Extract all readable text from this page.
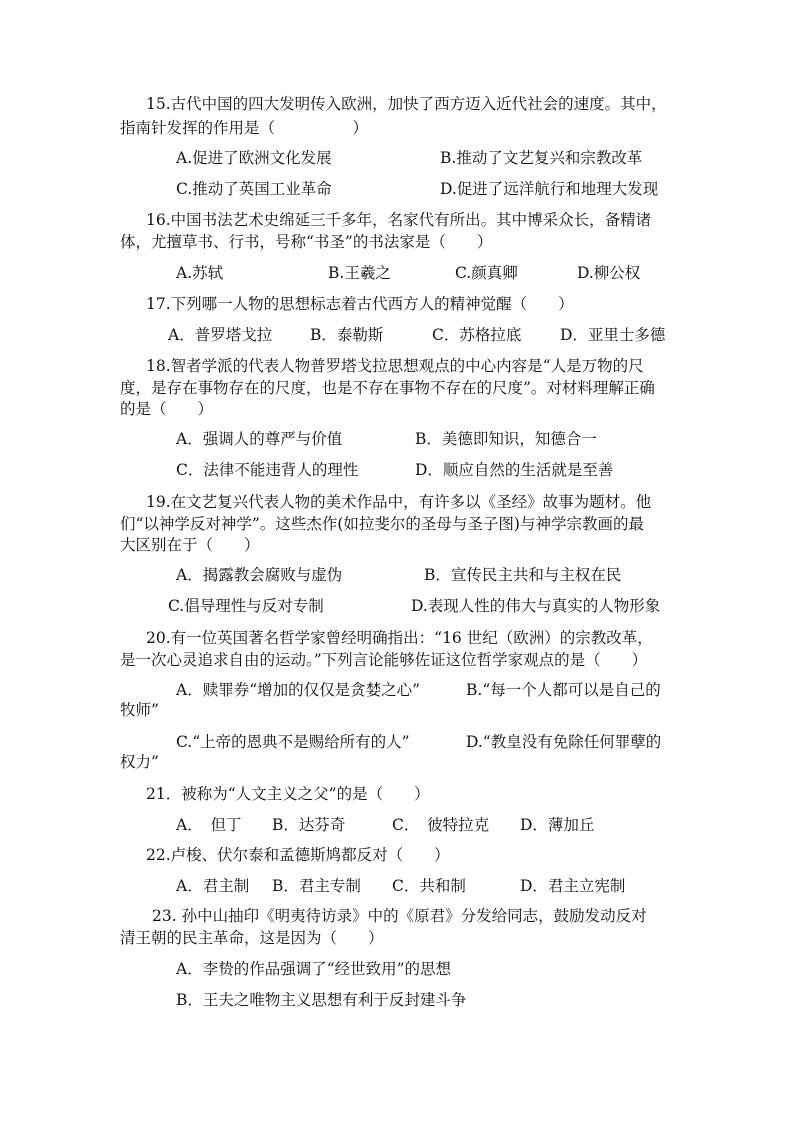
15.古代中国的四大发明传入欧洲，加快了西方迈入近代社会的速度。其中，
指南针发挥的作用是（　　　　　）
A.促进了欧洲文化发展	B.推动了文艺复兴和宗教改革
C.推动了英国工业革命	D.促进了远洋航行和地理大发现
16.中国书法艺术史绵延三千多年，名家代有所出。其中博采众长，备精诸
体，尤擅草书、行书，号称“书圣”的书法家是（　　）
A.苏轼	B.王羲之	C.颜真卿	D.柳公权
17.下列哪一人物的思想标志着古代西方人的精神觉醒（　　）
A．普罗塔戈拉 B．泰勒斯	C．苏格拉底 D．亚里士多德
18.智者学派的代表人物普罗塔戈拉思想观点的中心内容是“人是万物的尺
度，是存在事物存在的尺度，也是不存在事物不存在的尺度”。对材料理解正确
的是（　　）
A．强调人的尊严与价值	B．美德即知识，知德合一
C．法律不能违背人的理性	D．顺应自然的生活就是至善
19.在文艺复兴代表人物的美术作品中，有许多以《圣经》故事为题材。他
们“以神学反对神学”。这些杰作(如拉斐尔的圣母与圣子图)与神学宗教画的最
大区别在于（　　）
A．揭露教会腐败与虚伪	B．宣传民主共和与主权在民
C.倡导理性与反对专制	D.表现人性的伟大与真实的人物形象
20.有一位英国著名哲学家曾经明确指出：“16 世纪（欧洲）的宗教改革，
是一次心灵追求自由的运动。”下列言论能够佐证这位哲学家观点的是（　　）
A．赎罪券“增加的仅仅是贪婪之心”	B.“每一个人都可以是自己的
牧师”
C.“上帝的恩典不是赐给所有的人”	D.“教皇没有免除任何罪孽的
权力”
21．被称为“人文主义之父”的是（　　）
A．　但丁 B．达芬奇	C．　彼特拉克 D．薄加丘
22.卢梭、伏尔泰和孟德斯鸠都反对（　　）
A．君主制 B．君主专制 C．共和制	D．君主立宪制
23. 孙中山抽印《明夷待访录》中的《原君》分发给同志，鼓励发动反对
清王朝的民主革命，这是因为（　　）
A．李贽的作品强调了“经世致用”的思想
B．王夫之唯物主义思想有利于反封建斗争
